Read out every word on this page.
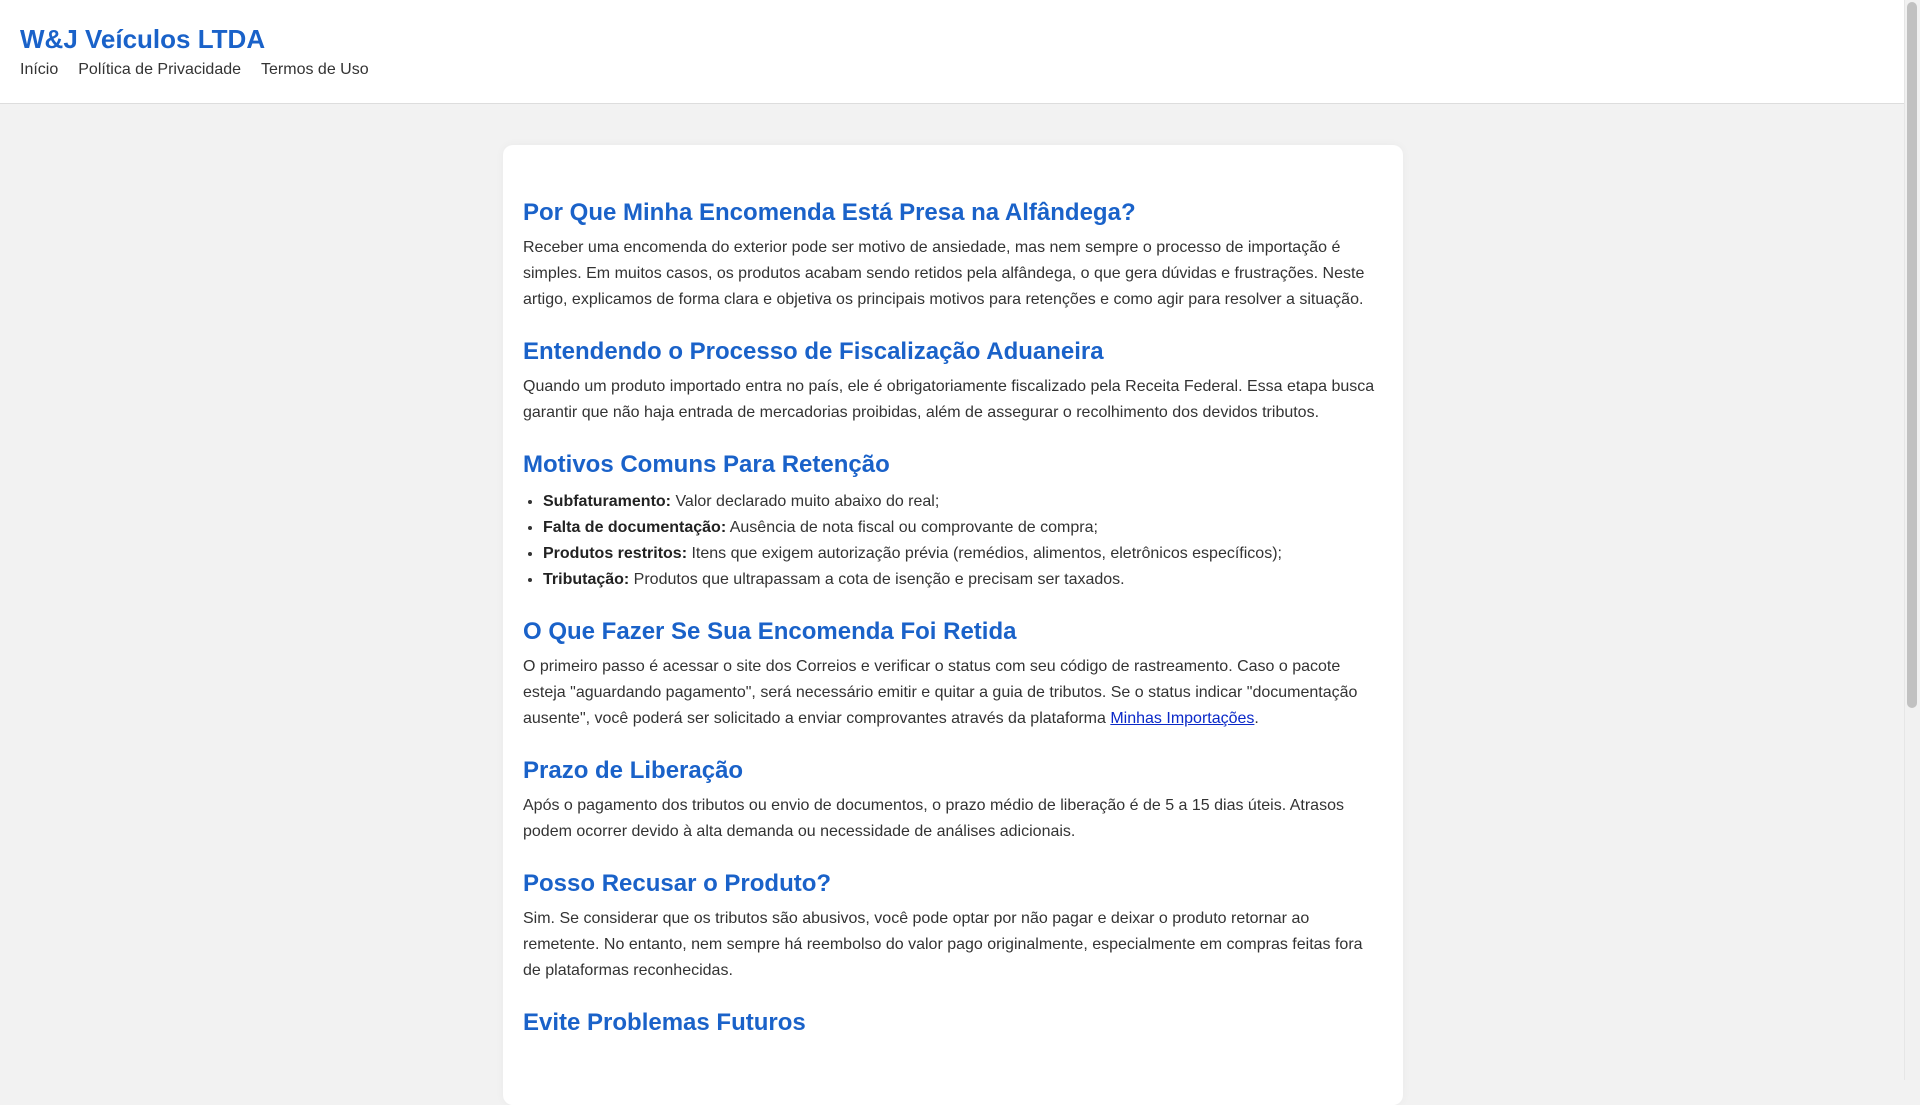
W&J Veículos LTDA
Início Política de Privacidade Termos de Uso
Por Que Minha Encomenda Está Presa na Alfândega?

Receber uma encomenda do exterior pode ser motivo de ansiedade, mas nem sempre o processo de importação é simples. Em muitos casos, os produtos acabam sendo retidos pela alfândega, o que gera dúvidas e frustrações. Neste artigo, explicamos de forma clara e objetiva os principais motivos para retenções e como agir para resolver a situação.

Entendendo o Processo de Fiscalização Aduaneira

Quando um produto importado entra no país, ele é obrigatoriamente fiscalizado pela Receita Federal. Essa etapa busca garantir que não haja entrada de mercadorias proibidas, além de assegurar o recolhimento dos devidos tributos.

Motivos Comuns Para Retenção
• Subfaturamento: Valor declarado muito abaixo do real;
• Falta de documentação: Ausência de nota fiscal ou comprovante de compra;
• Produtos restritos: Itens que exigem autorização prévia (remédios, alimentos, eletrônicos específicos);
• Tributação: Produtos que ultrapassam a cota de isenção e precisam ser taxados.
O Que Fazer Se Sua Encomenda Foi Retida

O primeiro passo é acessar o site dos Correios e verificar o status com seu código de rastreamento. Caso o pacote esteja "aguardando pagamento", será necessário emitir e quitar a guia de tributos. Se o status indicar "documentação ausente", você poderá ser solicitado a enviar comprovantes através da plataforma Minhas Importações.

Prazo de Liberação

Após o pagamento dos tributos ou envio de documentos, o prazo médio de liberação é de 5 a 15 dias úteis. Atrasos podem ocorrer devido à alta demanda ou necessidade de análises adicionais.

Posso Recusar o Produto?

Sim. Se considerar que os tributos são abusivos, você pode optar por não pagar e deixar o produto retornar ao remetente. No entanto, nem sempre há reembolso do valor pago originalmente, especialmente em compras feitas fora de plataformas reconhecidas.

Evite Problemas Futuros
